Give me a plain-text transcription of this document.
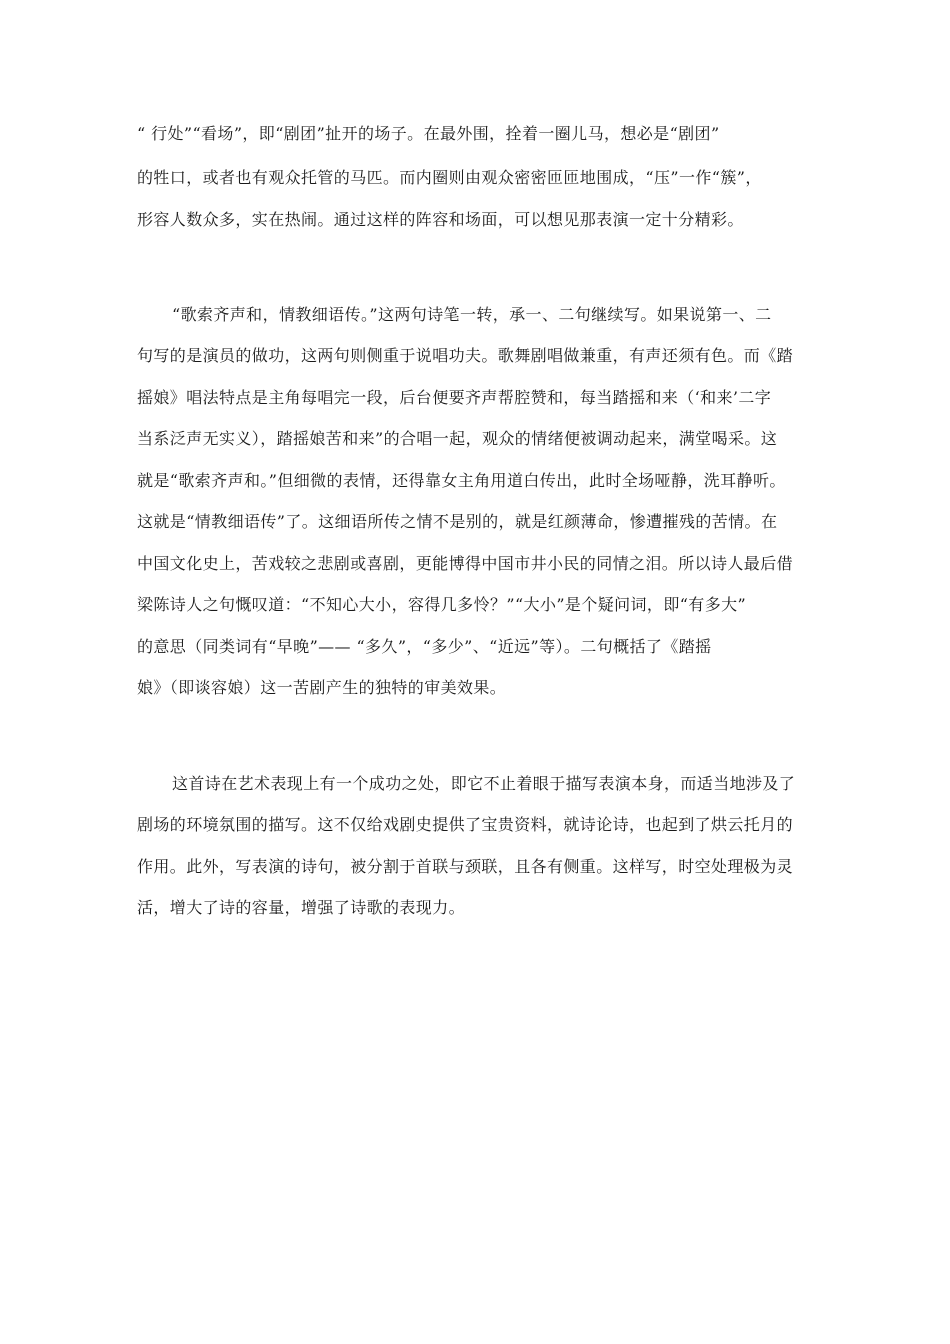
“ 行处”“看场”，即“剧团”扯开的场子。在最外围，拴着一圈儿马，想必是“剧团”
的牲口，或者也有观众托管的马匹。而内圈则由观众密密匝匝地围成，“压”一作“簇”，
形容人数众多，实在热闹。通过这样的阵容和场面，可以想见那表演一定十分精彩。
“歌索齐声和，情教细语传。”这两句诗笔一转，承一、二句继续写。如果说第一、二
句写的是演员的做功，这两句则侧重于说唱功夫。歌舞剧唱做兼重，有声还须有色。而《踏
摇娘》唱法特点是主角每唱完一段，后台便要齐声帮腔赞和，每当踏摇和来（‘和来’二字
当系泛声无实义），踏摇娘苦和来”的合唱一起，观众的情绪便被调动起来，满堂喝采。这
就是“歌索齐声和。”但细微的表情，还得靠女主角用道白传出，此时全场哑静，洗耳静听。
这就是“情教细语传”了。这细语所传之情不是别的，就是红颜薄命，惨遭摧残的苦情。在
中国文化史上，苦戏较之悲剧或喜剧，更能博得中国市井小民的同情之泪。所以诗人最后借
梁陈诗人之句慨叹道：“不知心大小，容得几多怜？”“大小”是个疑问词，即“有多大”
的意思（同类词有“早晚”—— “多久”，“多少”、“近远”等）。二句概括了《踏摇
娘》（即谈容娘）这一苦剧产生的独特的审美效果。
这首诗在艺术表现上有一个成功之处，即它不止着眼于描写表演本身，而适当地涉及了
剧场的环境氛围的描写。这不仅给戏剧史提供了宝贵资料，就诗论诗，也起到了烘云托月的
作用。此外，写表演的诗句，被分割于首联与颈联，且各有侧重。这样写，时空处理极为灵
活，增大了诗的容量，增强了诗歌的表现力。
